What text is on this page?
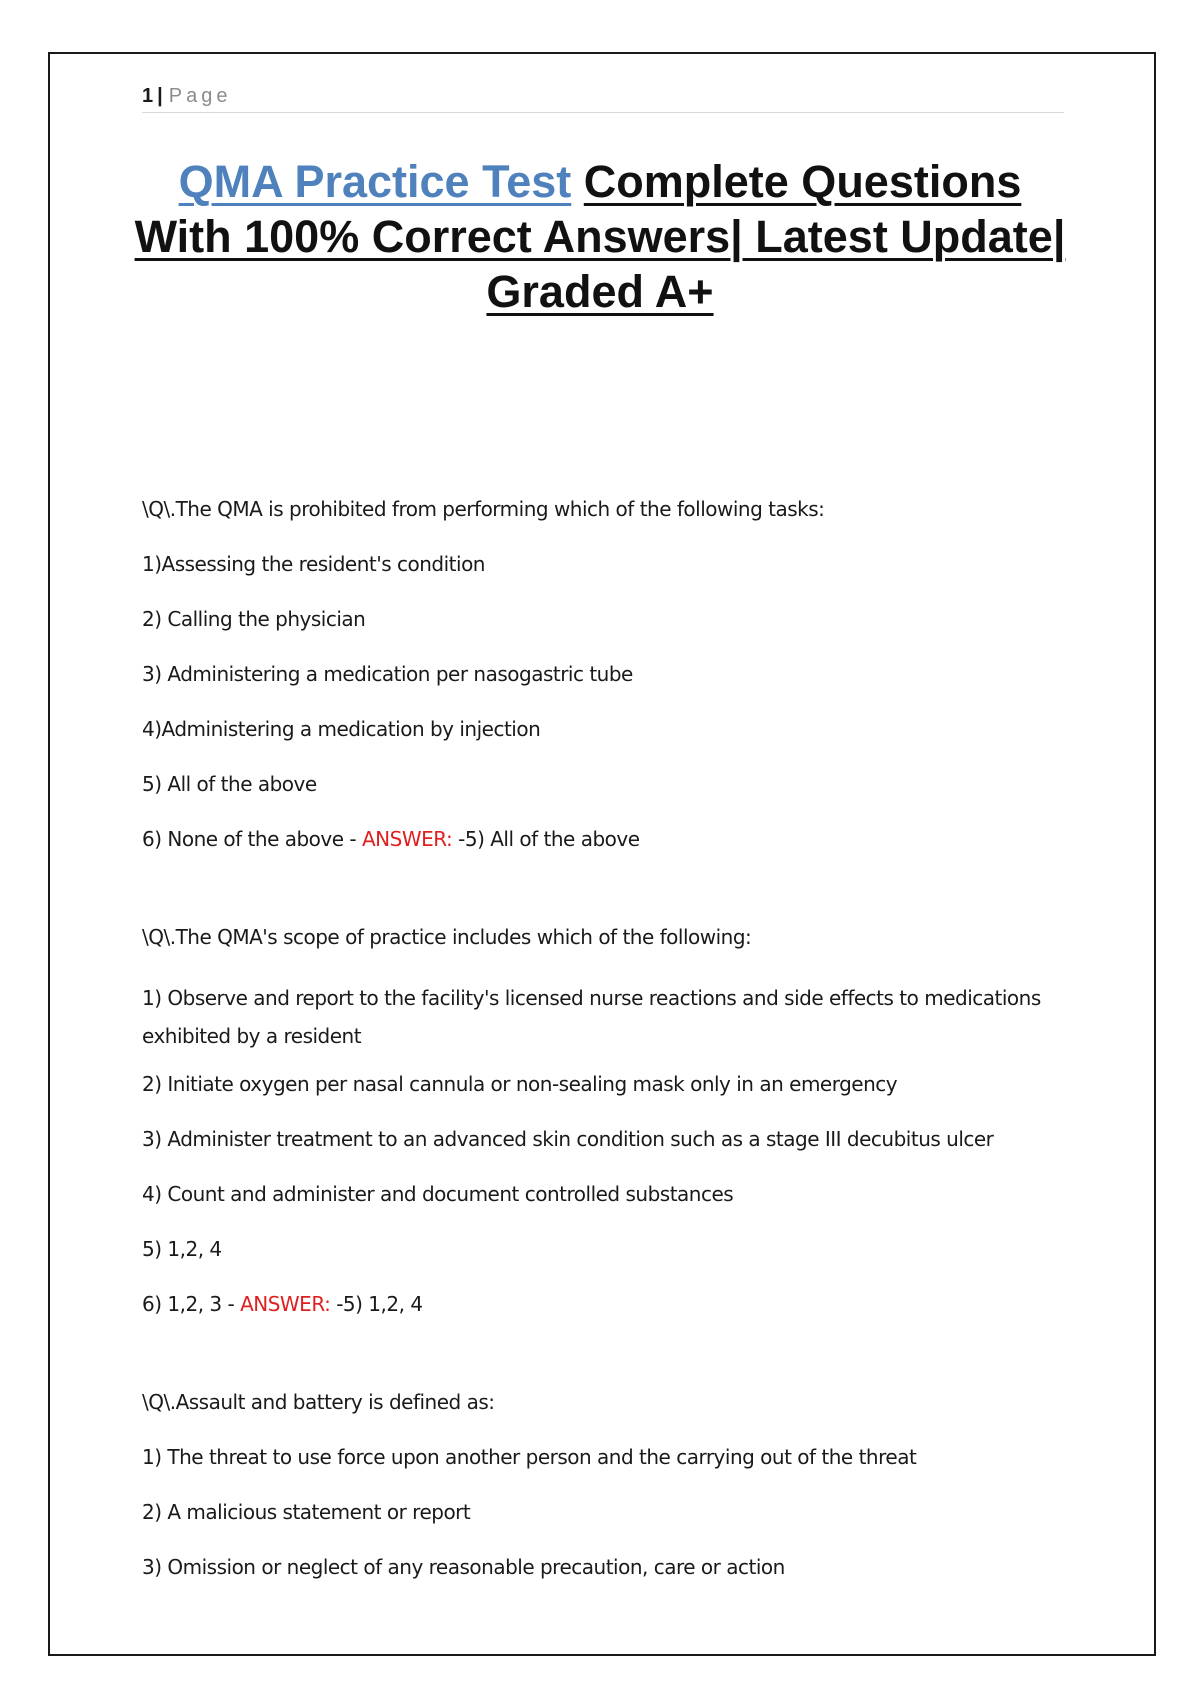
1 | Page
QMA Practice Test Complete Questions With 100% Correct Answers| Latest Update| Graded A+
\Q\.The QMA is prohibited from performing which of the following tasks:
1)Assessing the resident's condition
2) Calling the physician
3) Administering a medication per nasogastric tube
4)Administering a medication by injection
5) All of the above
6) None of the above - ANSWER: -5) All of the above
\Q\.The QMA's scope of practice includes which of the following:
1) Observe and report to the facility's licensed nurse reactions and side effects to medications exhibited by a resident
2) Initiate oxygen per nasal cannula or non-sealing mask only in an emergency
3) Administer treatment to an advanced skin condition such as a stage III decubitus ulcer
4) Count and administer and document controlled substances
5) 1,2, 4
6) 1,2, 3 - ANSWER: -5) 1,2, 4
\Q\.Assault and battery is defined as:
1) The threat to use force upon another person and the carrying out of the threat
2) A malicious statement or report
3) Omission or neglect of any reasonable precaution, care or action
